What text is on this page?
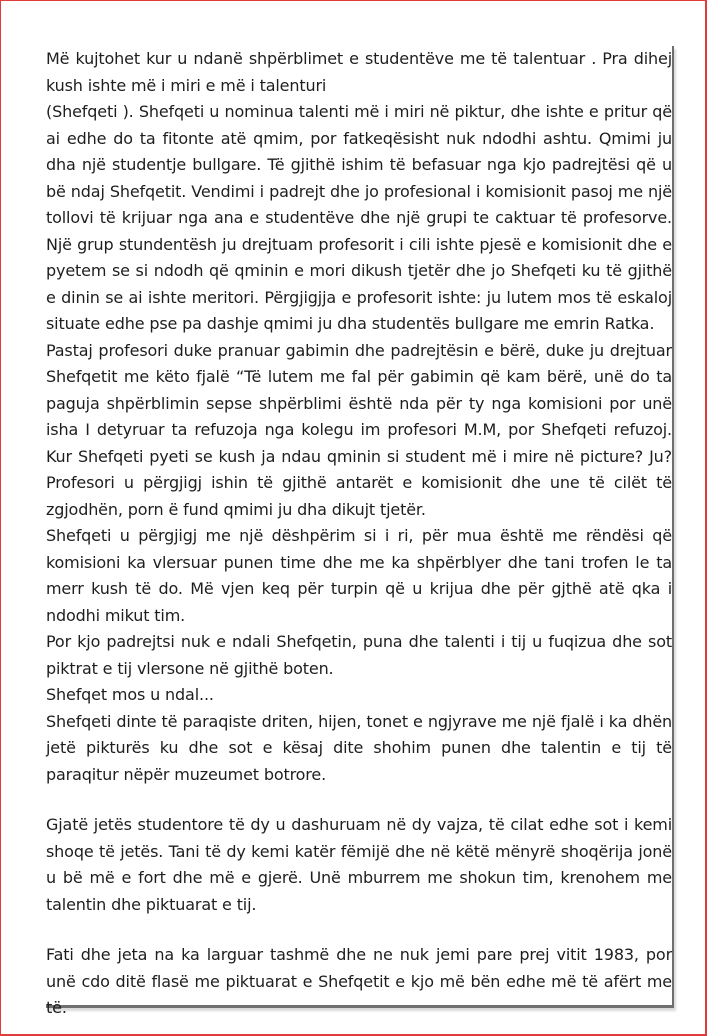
Më kujtohet kur u ndanë shpërblimet e studentëve me të talentuar . Pra dihej kush ishte më i miri e më i talenturi

(Shefqeti ). Shefqeti u nominua talenti më i miri në piktur, dhe ishte e pritur që ai edhe do ta fitonte atë qmim, por fatkeqësisht nuk ndodhi ashtu. Qmimi ju dha një studentje bullgare. Të gjithë ishim të befasuar nga kjo padrejtësi që u bë ndaj Shefqetit. Vendimi i padrejt dhe jo profesional i komisionit pasoj me një tollovi të krijuar nga ana e studentëve dhe një grupi te caktuar të profesorve. Një grup stundentësh ju drejtuam profesorit i cili ishte pjesë e komisionit dhe e pyetem se si ndodh që qminin e mori dikush tjetër dhe jo Shefqeti ku të gjithë e dinin se ai ishte meritori. Përgjigjja e profesorit ishte: ju lutem mos të eskaloj situate edhe pse pa dashje qmimi ju dha studentës bullgare me emrin Ratka.

Pastaj profesori duke pranuar gabimin dhe padrejtësin e bërë, duke ju drejtuar Shefqetit me këto fjalë “Të lutem me fal për gabimin që kam bërë, unë do ta paguja shpërblimin sepse shpërblimi është nda për ty nga komisioni por unë isha I detyruar ta refuzoja nga kolegu im profesori M.M, por Shefqeti refuzoj. Kur Shefqeti pyeti se kush ja ndau qminin si student më i mire në picture? Ju? Profesori u përgjigj ishin të gjithë antarët e komisionit dhe une të cilët të zgjodhën, porn ë fund qmimi ju dha dikujt tjetër.

Shefqeti u përgjigj me një dëshpërim si i ri, për mua është me rëndësi që komisioni ka vlersuar punen time dhe me ka shpërblyer dhe tani trofen le ta merr kush të do. Më vjen keq për turpin që u krijua dhe për gjthë atë qka i ndodhi mikut tim.

Por kjo padrejtsi nuk e ndali Shefqetin, puna dhe talenti i tij u fuqizua dhe sot piktrat e tij vlersone në gjithë boten.

Shefqet mos u ndal...

Shefqeti dinte të paraqiste driten, hijen, tonet e ngjyrave me një fjalë i ka dhën jetë pikturës ku dhe sot e kësaj dite shohim punen dhe talentin e tij të paraqitur nëpër muzeumet botrore.

Gjatë jetës studentore të dy u dashuruam në dy vajza, të cilat edhe sot i kemi shoqe të jetës. Tani të dy kemi katër fëmijë dhe në këtë mënyrë shoqërija jonë u bë më e fort dhe më e gjerë. Unë mburrem me shokun tim, krenohem me talentin dhe piktuarat e tij.

Fati dhe jeta na ka larguar tashmë dhe ne nuk jemi pare prej vitit 1983, por unë cdo ditë flasë me piktuarat e Shefqetit e kjo më bën edhe më të afërt me të.
